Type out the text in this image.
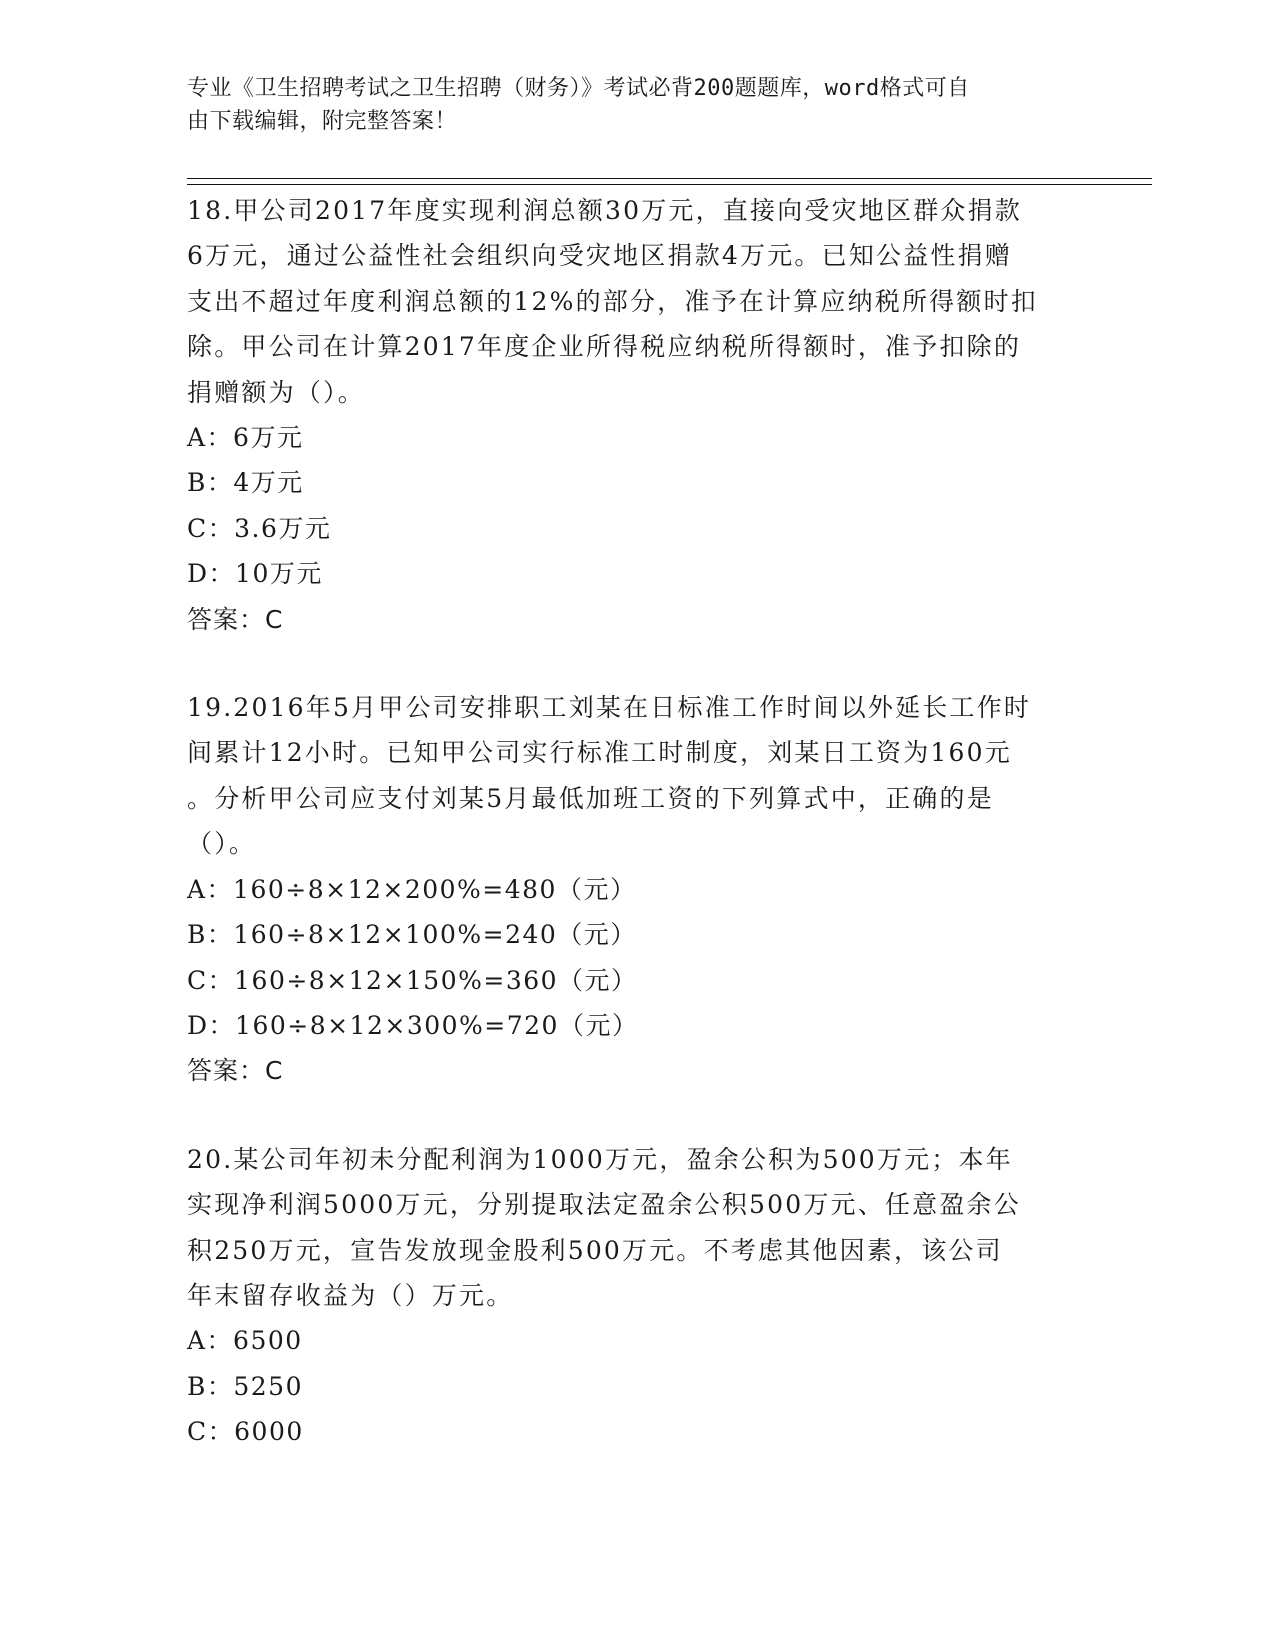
专业《卫生招聘考试之卫生招聘（财务）》考试必背200题题库，word格式可自
由下载编辑，附完整答案！
18.甲公司2017年度实现利润总额30万元，直接向受灾地区群众捐款
6万元，通过公益性社会组织向受灾地区捐款4万元。已知公益性捐赠
支出不超过年度利润总额的12%的部分，准予在计算应纳税所得额时扣
除。甲公司在计算2017年度企业所得税应纳税所得额时，准予扣除的
捐赠额为（）。
A：6万元
B：4万元
C：3.6万元
D：10万元
答案：C
19.2016年5月甲公司安排职工刘某在日标准工作时间以外延长工作时
间累计12小时。已知甲公司实行标准工时制度，刘某日工资为160元
。分析甲公司应支付刘某5月最低加班工资的下列算式中，正确的是
（）。
A：160÷8×12×200%=480（元）
B：160÷8×12×100%=240（元）
C：160÷8×12×150%=360（元）
D：160÷8×12×300%=720（元）
答案：C
20.某公司年初未分配利润为1000万元，盈余公积为500万元；本年
实现净利润5000万元，分别提取法定盈余公积500万元、任意盈余公
积250万元，宣告发放现金股利500万元。不考虑其他因素，该公司
年末留存收益为（）万元。
A：6500
B：5250
C：6000
